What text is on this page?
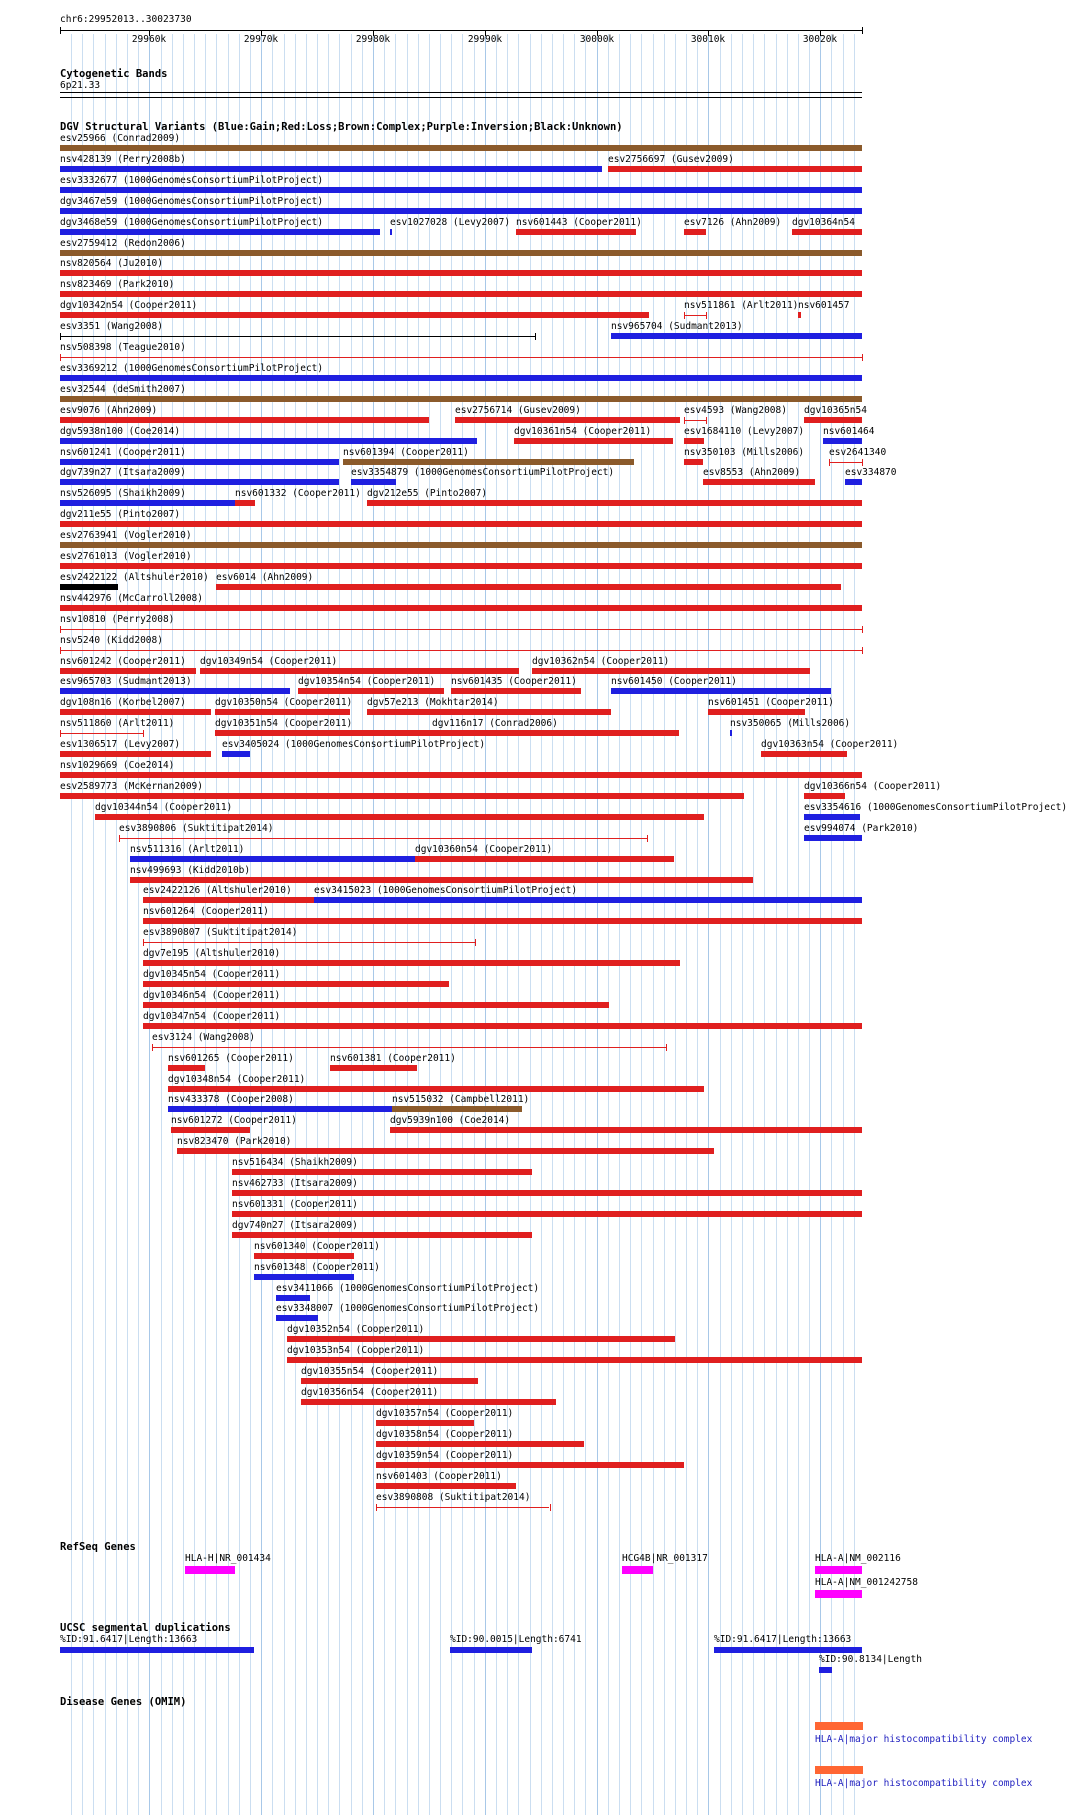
chr6:29952013..30023730
29960k	29970k	29980k	29990k	30000k	30010k	30020k
Cytogenetic Bands
6p21.33
DGV Structural Variants (Blue:Gain;Red:Loss;Brown:Complex;Purple:Inversion;Black:Unknown)
esv25966 (Conrad2009)
nsv428139 (Perry2008b)	esv2756697 (Gusev2009)
esv3332677 (1000GenomesConsortiumPilotProject)
dgv3467e59 (1000GenomesConsortiumPilotProject)
dgv3468e59 (1000GenomesConsortiumPilotProject)	esv1027028 (Levy2007) nsv601443 (Cooper2011)	esv7126 (Ahn2009) dgv10364n54
esv2759412 (Redon2006)
nsv820564 (Ju2010)
nsv823469 (Park2010)
dgv10342n54 (Cooper2011)	nsv511861 (Arlt2011) nsv601457
esv3351 (Wang2008)	nsv965704 (Sudmant2013)
nsv508398 (Teague2010)
esv3369212 (1000GenomesConsortiumPilotProject)
esv32544 (deSmith2007)
esv9076 (Ahn2009)	esv2756714 (Gusev2009)	esv4593 (Wang2008) dgv10365n54
dgv5938n100 (Coe2014)	dgv10361n54 (Cooper2011)	esv1684110 (Levy2007) nsv601464
nsv601241 (Cooper2011)	nsv601394 (Cooper2011)	nsv350103 (Mills2006)	esv2641340
dgv739n27 (Itsara2009)	esv3354879 (1000GenomesConsortiumPilotProject)	esv8553 (Ahn2009)	esv334870
nsv526095 (Shaikh2009)	nsv601332 (Cooper2011) dgv212e55 (Pinto2007)
dgv211e55 (Pinto2007)
esv2763941 (Vogler2010)
esv2761013 (Vogler2010)
esv2422122 (Altshuler2010) esv6014 (Ahn2009)
nsv442976 (McCarroll2008)
nsv10810 (Perry2008)
nsv5240 (Kidd2008)
nsv601242 (Cooper2011) dgv10349n54 (Cooper2011)	dgv10362n54 (Cooper2011)
esv965703 (Sudmant2013)	dgv10354n54 (Cooper2011) nsv601435 (Cooper2011)	nsv601450 (Cooper2011)
dgv108n16 (Korbel2007)	dgv10350n54 (Cooper2011) dgv57e213 (Mokhtar2014)	nsv601451 (Cooper2011)
nsv511860 (Arlt2011)	dgv10351n54 (Cooper2011)	dgv116n17 (Conrad2006)	nsv350065 (Mills2006)
esv1306517 (Levy2007)	esv3405024 (1000GenomesConsortiumPilotProject)	dgv10363n54 (Cooper2011)
nsv1029669 (Coe2014)
esv2589773 (McKernan2009)	dgv10366n54 (Cooper2011)
dgv10344n54 (Cooper2011)	esv3354616 (1000GenomesConsortiumPilotProject)
esv3890806 (Suktitipat2014)	esv994074 (Park2010)
nsv511316 (Arlt2011)	dgv10360n54 (Cooper2011)
nsv499693 (Kidd2010b)
esv2422126 (Altshuler2010) esv3415023 (1000GenomesConsortiumPilotProject)
nsv601264 (Cooper2011)
esv3890807 (Suktitipat2014)
dgv7e195 (Altshuler2010)
dgv10345n54 (Cooper2011)
dgv10346n54 (Cooper2011)
dgv10347n54 (Cooper2011)
esv3124 (Wang2008)
nsv601265 (Cooper2011)	nsv601381 (Cooper2011)
dgv10348n54 (Cooper2011)
nsv433378 (Cooper2008)	nsv515032 (Campbell2011)
nsv601272 (Cooper2011)	dgv5939n100 (Coe2014)
nsv823470 (Park2010)
nsv516434 (Shaikh2009)
nsv462733 (Itsara2009)
nsv601331 (Cooper2011)
dgv740n27 (Itsara2009)
nsv601340 (Cooper2011)
nsv601348 (Cooper2011)
esv3411066 (1000GenomesConsortiumPilotProject)
esv3348007 (1000GenomesConsortiumPilotProject)
dgv10352n54 (Cooper2011)
dgv10353n54 (Cooper2011)
dgv10355n54 (Cooper2011)
dgv10356n54 (Cooper2011)
dgv10357n54 (Cooper2011)
dgv10358n54 (Cooper2011)
dgv10359n54 (Cooper2011)
nsv601403 (Cooper2011)
esv3890808 (Suktitipat2014)
RefSeq Genes
HLA-H|NR_001434	HCG4B|NR_001317	HLA-A|NM_002116
HLA-A|NM_001242758
UCSC segmental duplications
%ID:91.6417|Length:13663	%ID:90.0015|Length:6741	%ID:91.6417|Length:13663
%ID:90.8134|Length
Disease Genes (OMIM)
HLA-A|major histocompatibility complex
HLA-A|major histocompatibility complex
